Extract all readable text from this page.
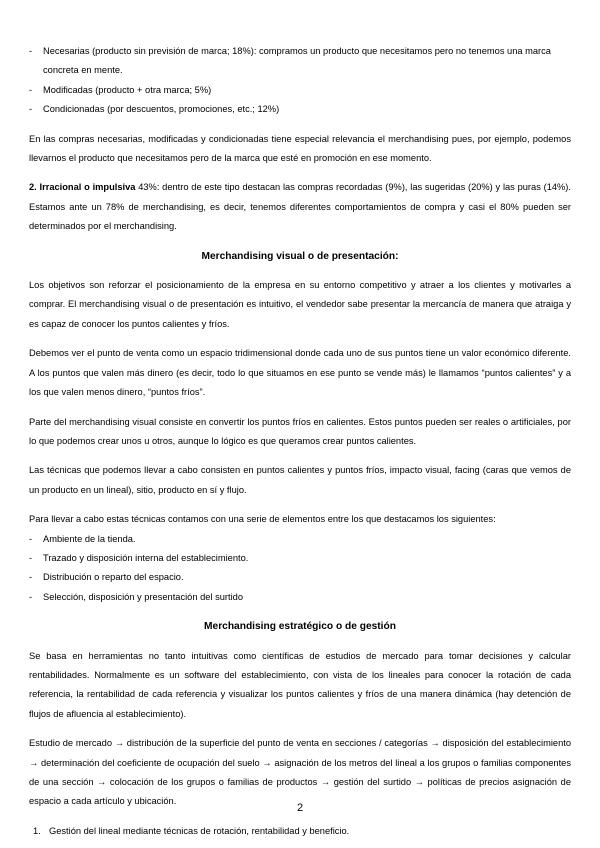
-	Necesarias (producto sin previsión de marca; 18%): compramos un producto que necesitamos pero no tenemos una marca concreta en mente.
-	Modificadas (producto + otra marca; 5%)
-	Condicionadas (por descuentos, promociones, etc.; 12%)

En las compras necesarias, modificadas y condicionadas tiene especial relevancia el merchandising pues, por ejemplo, podemos llevarnos el producto que necesitamos pero de la marca que esté en promoción en ese momento.

2. Irracional o impulsiva 43%: dentro de este tipo destacan las compras recordadas (9%), las sugeridas (20%) y las puras (14%). Estamos ante un 78% de merchandising, es decir, tenemos diferentes comportamientos de compra y casi el 80% pueden ser determinados por el merchandising.

Merchandising visual o de presentación:

Los objetivos son reforzar el posicionamiento de la empresa en su entorno competitivo y atraer a los clientes y motivarles a comprar. El merchandising visual o de presentación es intuitivo, el vendedor sabe presentar la mercancía de manera que atraiga y es capaz de conocer los puntos calientes y fríos.

Debemos ver el punto de venta como un espacio tridimensional donde cada uno de sus puntos tiene un valor económico diferente. A los puntos que valen más dinero (es decir, todo lo que situamos en ese punto se vende más) le llamamos “puntos calientes” y a los que valen menos dinero, “puntos fríos”.

Parte del merchandising visual consiste en convertir los puntos fríos en calientes. Estos puntos pueden ser reales o artificiales, por lo que podemos crear unos u otros, aunque lo lógico es que queramos crear puntos calientes.

Las técnicas que podemos llevar a cabo consisten en puntos calientes y puntos fríos, impacto visual, facing (caras que vemos de un producto en un lineal), sitio, producto en sí y flujo.

Para llevar a cabo estas técnicas contamos con una serie de elementos entre los que destacamos los siguientes:

-	Ambiente de la tienda.
-	Trazado y disposición interna del establecimiento.
-	Distribución o reparto del espacio.
-	Selección, disposición y presentación del surtido

Merchandising estratégico o de gestión

Se basa en herramientas no tanto intuitivas como científicas de estudios de mercado para tomar decisiones y calcular rentabilidades. Normalmente es un software del establecimiento, con vista de los lineales para conocer la rotación de cada referencia, la rentabilidad de cada referencia y visualizar los puntos calientes y fríos de una manera dinámica (hay detención de flujos de afluencia al establecimiento).

Estudio de mercado → distribución de la superficie del punto de venta en secciones / categorías → disposición del establecimiento → determinación del coeficiente de ocupación del suelo → asignación de los metros del lineal a los grupos o familias componentes de una sección → colocación de los grupos o familias de productos → gestión del surtido → políticas de precios asignación de espacio a cada artículo y ubicación.

1. Gestión del lineal mediante técnicas de rotación, rentabilidad y beneficio.
2
